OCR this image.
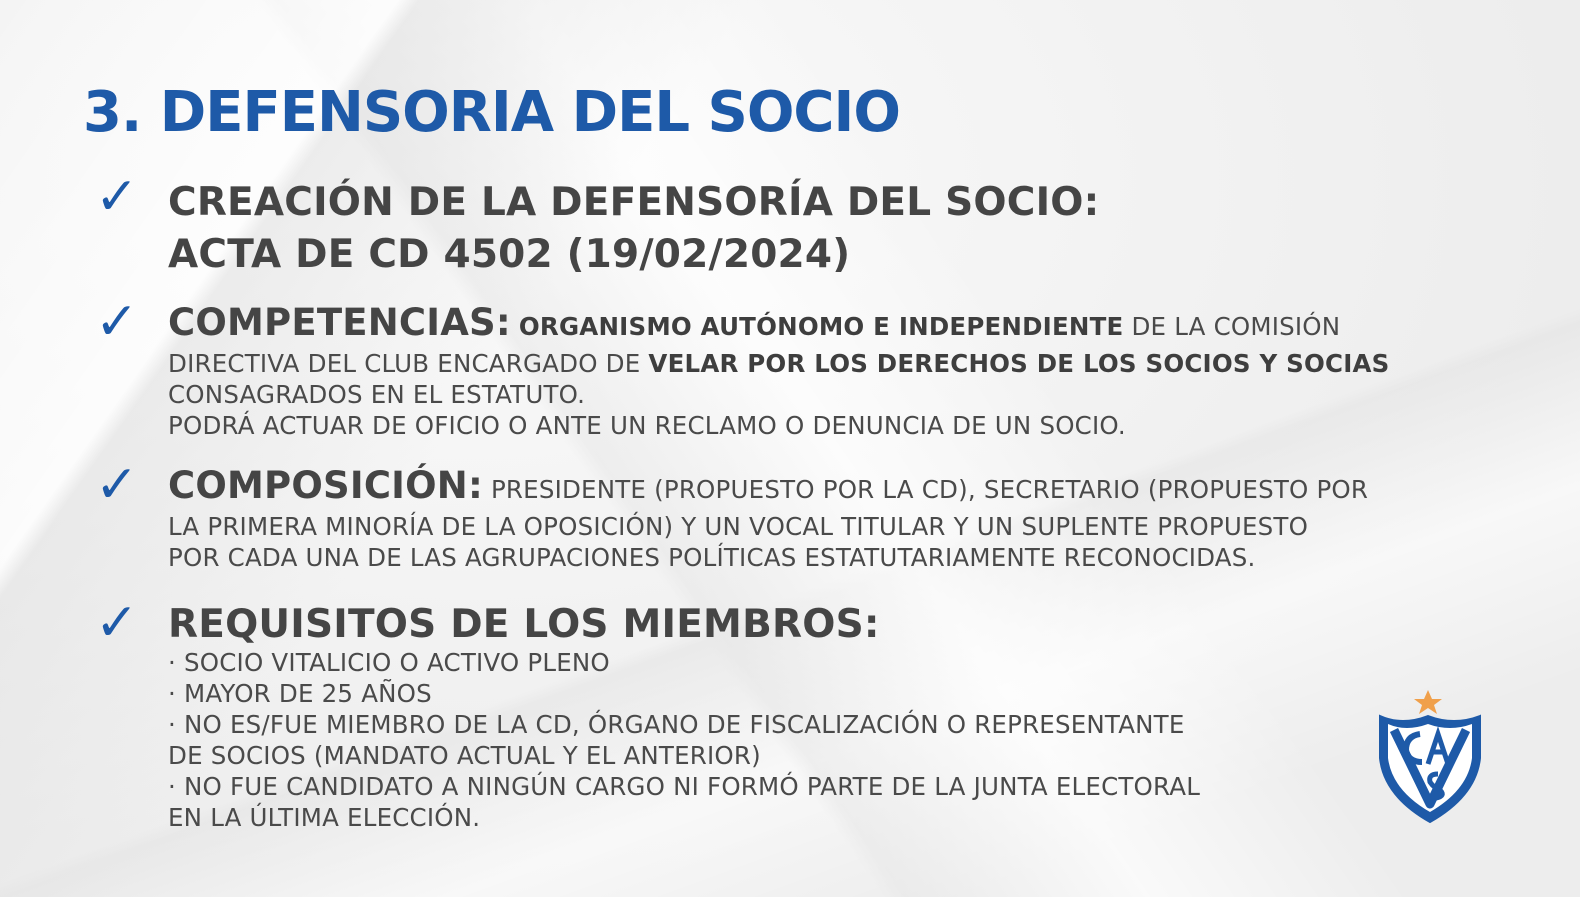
3. DEFENSORIA DEL SOCIO
✓ CREACIÓN DE LA DEFENSORÍA DEL SOCIO:
ACTA DE CD 4502 (19/02/2024)
✓ COMPETENCIAS: ORGANISMO AUTÓNOMO E INDEPENDIENTE DE LA COMISIÓN
DIRECTIVA DEL CLUB ENCARGADO DE VELAR POR LOS DERECHOS DE LOS SOCIOS Y SOCIAS
CONSAGRADOS EN EL ESTATUTO.
PODRÁ ACTUAR DE OFICIO O ANTE UN RECLAMO O DENUNCIA DE UN SOCIO.
✓ COMPOSICIÓN: PRESIDENTE (PROPUESTO POR LA CD), SECRETARIO (PROPUESTO POR
LA PRIMERA MINORÍA DE LA OPOSICIÓN) Y UN VOCAL TITULAR Y UN SUPLENTE PROPUESTO
POR CADA UNA DE LAS AGRUPACIONES POLÍTICAS ESTATUTARIAMENTE RECONOCIDAS.
✓ REQUISITOS DE LOS MIEMBROS:
· SOCIO VITALICIO O ACTIVO PLENO
· MAYOR DE 25 AÑOS
· NO ES/FUE MIEMBRO DE LA CD, ÓRGANO DE FISCALIZACIÓN O REPRESENTANTE
DE SOCIOS (MANDATO ACTUAL Y EL ANTERIOR)
· NO FUE CANDIDATO A NINGÚN CARGO NI FORMÓ PARTE DE LA JUNTA ELECTORAL
EN LA ÚLTIMA ELECCIÓN.
